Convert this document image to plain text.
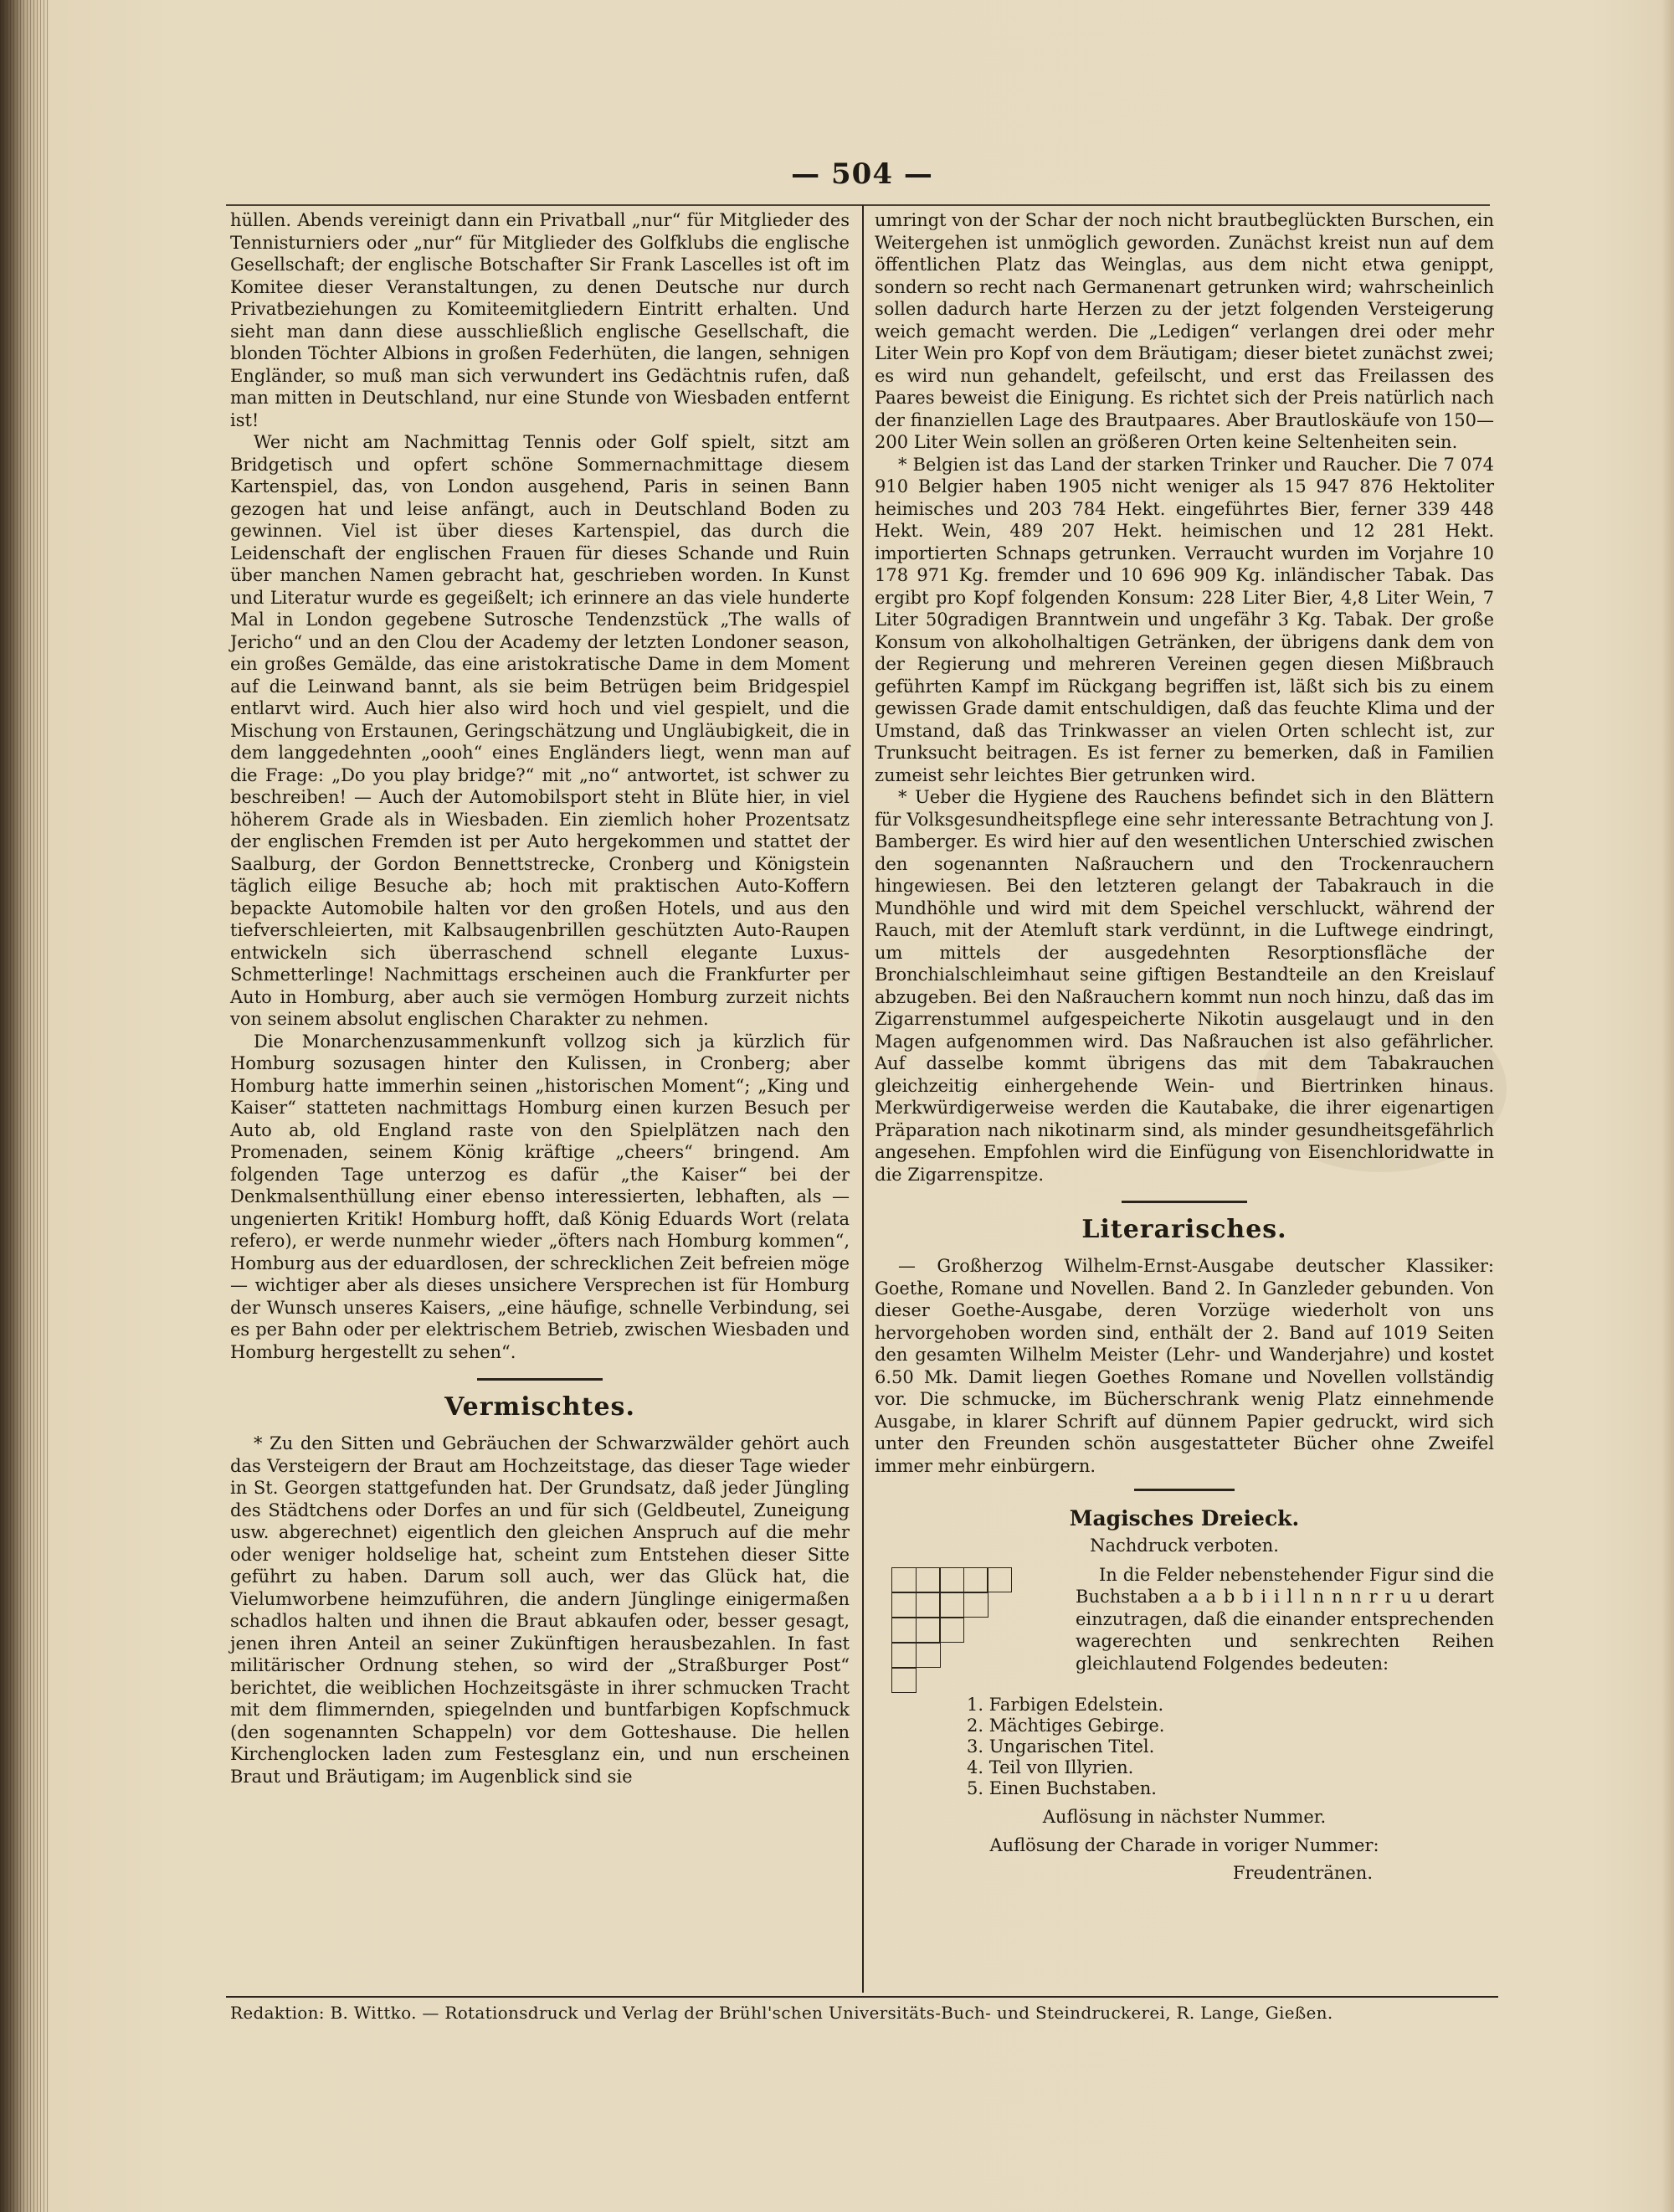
— 504 —

hüllen. Abends vereinigt dann ein Privatball „nur“ für Mitglieder des Tennisturniers oder „nur“ für Mitglieder des Golfklubs die englische Gesellschaft; der englische Botschafter Sir Frank Lascelles ist oft im Komitee dieser Veranstaltungen, zu denen Deutsche nur durch Privatbeziehungen zu Komiteemitgliedern Eintritt erhalten. Und sieht man dann diese ausschließlich englische Gesellschaft, die blonden Töchter Albions in großen Federhüten, die langen, sehnigen Engländer, so muß man sich verwundert ins Gedächtnis rufen, daß man mitten in Deutschland, nur eine Stunde von Wiesbaden entfernt ist!

Wer nicht am Nachmittag Tennis oder Golf spielt, sitzt am Bridgetisch und opfert schöne Sommernachmittage diesem Kartenspiel, das, von London ausgehend, Paris in seinen Bann gezogen hat und leise anfängt, auch in Deutschland Boden zu gewinnen. Viel ist über dieses Kartenspiel, das durch die Leidenschaft der englischen Frauen für dieses Schande und Ruin über manchen Namen gebracht hat, geschrieben worden. In Kunst und Literatur wurde es gegeißelt; ich erinnere an das viele hunderte Mal in London gegebene Sutrosche Tendenzstück „The walls of Jericho“ und an den Clou der Academy der letzten Londoner season, ein großes Gemälde, das eine aristokratische Dame in dem Moment auf die Leinwand bannt, als sie beim Betrügen beim Bridgespiel entlarvt wird. Auch hier also wird hoch und viel gespielt, und die Mischung von Erstaunen, Geringschätzung und Ungläubigkeit, die in dem langgedehnten „oooh“ eines Engländers liegt, wenn man auf die Frage: „Do you play bridge?“ mit „no“ antwortet, ist schwer zu beschreiben! — Auch der Automobilsport steht in Blüte hier, in viel höherem Grade als in Wiesbaden. Ein ziemlich hoher Prozentsatz der englischen Fremden ist per Auto hergekommen und stattet der Saalburg, der Gordon Bennettstrecke, Cronberg und Königstein täglich eilige Besuche ab; hoch mit praktischen Auto-Koffern bepackte Automobile halten vor den großen Hotels, und aus den tiefverschleierten, mit Kalbsaugenbrillen geschützten Auto-Raupen entwickeln sich überraschend schnell elegante Luxus-Schmetterlinge! Nachmittags erscheinen auch die Frankfurter per Auto in Homburg, aber auch sie vermögen Homburg zurzeit nichts von seinem absolut englischen Charakter zu nehmen.

Die Monarchenzusammenkunft vollzog sich ja kürzlich für Homburg sozusagen hinter den Kulissen, in Cronberg; aber Homburg hatte immerhin seinen „historischen Moment“; „King und Kaiser“ statteten nachmittags Homburg einen kurzen Besuch per Auto ab, old England raste von den Spielplätzen nach den Promenaden, seinem König kräftige „cheers“ bringend. Am folgenden Tage unterzog es dafür „the Kaiser“ bei der Denkmalsenthüllung einer ebenso interessierten, lebhaften, als — ungenierten Kritik! Homburg hofft, daß König Eduards Wort (relata refero), er werde nunmehr wieder „öfters nach Homburg kommen“, Homburg aus der eduardlosen, der schrecklichen Zeit befreien möge — wichtiger aber als dieses unsichere Versprechen ist für Homburg der Wunsch unseres Kaisers, „eine häufige, schnelle Verbindung, sei es per Bahn oder per elektrischem Betrieb, zwischen Wiesbaden und Homburg hergestellt zu sehen“.

Vermischtes.

* Zu den Sitten und Gebräuchen der Schwarzwälder gehört auch das Versteigern der Braut am Hochzeitstage, das dieser Tage wieder in St. Georgen stattgefunden hat. Der Grundsatz, daß jeder Jüngling des Städtchens oder Dorfes an und für sich (Geldbeutel, Zuneigung usw. abgerechnet) eigentlich den gleichen Anspruch auf die mehr oder weniger holdselige hat, scheint zum Entstehen dieser Sitte geführt zu haben. Darum soll auch, wer das Glück hat, die Vielumworbene heimzuführen, die andern Jünglinge einigermaßen schadlos halten und ihnen die Braut abkaufen oder, besser gesagt, jenen ihren Anteil an seiner Zukünftigen herausbezahlen. In fast militärischer Ordnung stehen, so wird der „Straßburger Post“ berichtet, die weiblichen Hochzeitsgäste in ihrer schmucken Tracht mit dem flimmernden, spiegelnden und buntfarbigen Kopfschmuck (den sogenannten Schappeln) vor dem Gotteshause. Die hellen Kirchenglocken laden zum Festesglanz ein, und nun erscheinen Braut und Bräutigam; im Augenblick sind sie

umringt von der Schar der noch nicht brautbeglückten Burschen, ein Weitergehen ist unmöglich geworden. Zunächst kreist nun auf dem öffentlichen Platz das Weinglas, aus dem nicht etwa genippt, sondern so recht nach Germanenart getrunken wird; wahrscheinlich sollen dadurch harte Herzen zu der jetzt folgenden Versteigerung weich gemacht werden. Die „Ledigen“ verlangen drei oder mehr Liter Wein pro Kopf von dem Bräutigam; dieser bietet zunächst zwei; es wird nun gehandelt, gefeilscht, und erst das Freilassen des Paares beweist die Einigung. Es richtet sich der Preis natürlich nach der finanziellen Lage des Brautpaares. Aber Brautloskäufe von 150—200 Liter Wein sollen an größeren Orten keine Seltenheiten sein.

* Belgien ist das Land der starken Trinker und Raucher. Die 7 074 910 Belgier haben 1905 nicht weniger als 15 947 876 Hektoliter heimisches und 203 784 Hekt. eingeführtes Bier, ferner 339 448 Hekt. Wein, 489 207 Hekt. heimischen und 12 281 Hekt. importierten Schnaps getrunken. Verraucht wurden im Vorjahre 10 178 971 Kg. fremder und 10 696 909 Kg. inländischer Tabak. Das ergibt pro Kopf folgenden Konsum: 228 Liter Bier, 4,8 Liter Wein, 7 Liter 50gradigen Branntwein und ungefähr 3 Kg. Tabak. Der große Konsum von alkoholhaltigen Getränken, der übrigens dank dem von der Regierung und mehreren Vereinen gegen diesen Mißbrauch geführten Kampf im Rückgang begriffen ist, läßt sich bis zu einem gewissen Grade damit entschuldigen, daß das feuchte Klima und der Umstand, daß das Trinkwasser an vielen Orten schlecht ist, zur Trunksucht beitragen. Es ist ferner zu bemerken, daß in Familien zumeist sehr leichtes Bier getrunken wird.

* Ueber die Hygiene des Rauchens befindet sich in den Blättern für Volksgesundheitspflege eine sehr interessante Betrachtung von J. Bamberger. Es wird hier auf den wesentlichen Unterschied zwischen den sogenannten Naßrauchern und den Trockenrauchern hingewiesen. Bei den letzteren gelangt der Tabakrauch in die Mundhöhle und wird mit dem Speichel verschluckt, während der Rauch, mit der Atemluft stark verdünnt, in die Luftwege eindringt, um mittels der ausgedehnten Resorptionsfläche der Bronchialschleimhaut seine giftigen Bestandteile an den Kreislauf abzugeben. Bei den Naßrauchern kommt nun noch hinzu, daß das im Zigarrenstummel aufgespeicherte Nikotin ausgelaugt und in den Magen aufgenommen wird. Das Naßrauchen ist also gefährlicher. Auf dasselbe kommt übrigens das mit dem Tabakrauchen gleichzeitig einhergehende Wein- und Biertrinken hinaus. Merkwürdigerweise werden die Kautabake, die ihrer eigenartigen Präparation nach nikotinarm sind, als minder gesundheitsgefährlich angesehen. Empfohlen wird die Einfügung von Eisenchloridwatte in die Zigarrenspitze.

Literarisches.

— Großherzog Wilhelm-Ernst-Ausgabe deutscher Klassiker: Goethe, Romane und Novellen. Band 2. In Ganzleder gebunden. Von dieser Goethe-Ausgabe, deren Vorzüge wiederholt von uns hervorgehoben worden sind, enthält der 2. Band auf 1019 Seiten den gesamten Wilhelm Meister (Lehr- und Wanderjahre) und kostet 6.50 Mk. Damit liegen Goethes Romane und Novellen vollständig vor. Die schmucke, im Bücherschrank wenig Platz einnehmende Ausgabe, in klarer Schrift auf dünnem Papier gedruckt, wird sich unter den Freunden schön ausgestatteter Bücher ohne Zweifel immer mehr einbürgern.

Magisches Dreieck.
Nachdruck verboten.

In die Felder nebenstehender Figur sind die Buchstaben a a b b i i l l n n n r r u u derart einzutragen, daß die einander entsprechenden wagerechten und senkrechten Reihen gleichlautend Folgendes bedeuten:

1. Farbigen Edelstein.
2. Mächtiges Gebirge.
3. Ungarischen Titel.
4. Teil von Illyrien.
5. Einen Buchstaben.
Auflösung in nächster Nummer.
Auflösung der Charade in voriger Nummer:
Freudentränen.
Redaktion: B. Wittko. — Rotationsdruck und Verlag der Brühl'schen Universitäts-Buch- und Steindruckerei, R. Lange, Gießen.
